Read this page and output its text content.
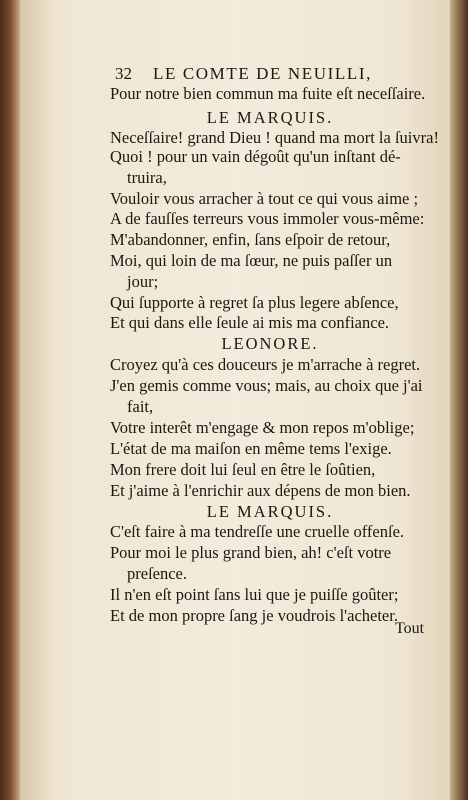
32 LE COMTE DE NEUILLI,
Pour notre bien commun ma fuite eſt neceſſaire.
LE MARQUIS.
Neceſſaire! grand Dieu ! quand ma mort la ſuivra!
Quoi ! pour un vain dégoût qu'un inſtant dé-
truira,
Vouloir vous arracher à tout ce qui vous aime ;
A de fauſſes terreurs vous immoler vous-même:
M'abandonner, enfin, ſans eſpoir de retour,
Moi, qui loin de ma ſœur, ne puis paſſer un
jour;
Qui ſupporte à regret ſa plus legere abſence,
Et qui dans elle ſeule ai mis ma confiance.
LEONORE.
Croyez qu'à ces douceurs je m'arrache à regret.
J'en gemis comme vous; mais, au choix que j'ai
fait,
Votre interêt m'engage & mon repos m'oblige;
L'état de ma maiſon en même tems l'exige.
Mon frere doit lui ſeul en être le ſoûtien,
Et j'aime à l'enrichir aux dépens de mon bien.
LE MARQUIS.
C'eſt faire à ma tendreſſe une cruelle offenſe.
Pour moi le plus grand bien, ah! c'eſt votre
preſence.
Il n'en eſt point ſans lui que je puiſſe goûter;
Et de mon propre ſang je voudrois l'acheter.
Tout
